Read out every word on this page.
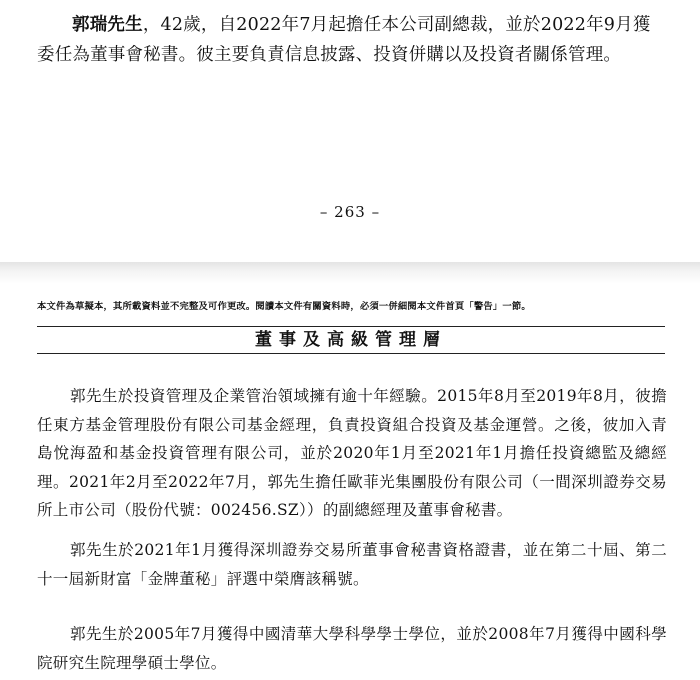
郭瑞先生，42歲，自2022年7月起擔任本公司副總裁，並於2022年9月獲委任為董事會秘書。彼主要負責信息披露、投資併購以及投資者關係管理。
– 263 –
本文件為草擬本，其所載資料並不完整及可作更改。閱讀本文件有關資料時，必須一併細閱本文件首頁「警告」一節。
董事及高級管理層
郭先生於投資管理及企業管治領域擁有逾十年經驗。2015年8月至2019年8月，彼擔任東方基金管理股份有限公司基金經理，負責投資組合投資及基金運營。之後，彼加入青島悅海盈和基金投資管理有限公司，並於2020年1月至2021年1月擔任投資總監及總經理。2021年2月至2022年7月，郭先生擔任歐菲光集團股份有限公司（一間深圳證券交易所上市公司（股份代號：002456.SZ））的副總經理及董事會秘書。
郭先生於2021年1月獲得深圳證券交易所董事會秘書資格證書，並在第二十屆、第二十一屆新財富「金牌董秘」評選中榮膺該稱號。
郭先生於2005年7月獲得中國清華大學科學學士學位，並於2008年7月獲得中國科學院研究生院理學碩士學位。
